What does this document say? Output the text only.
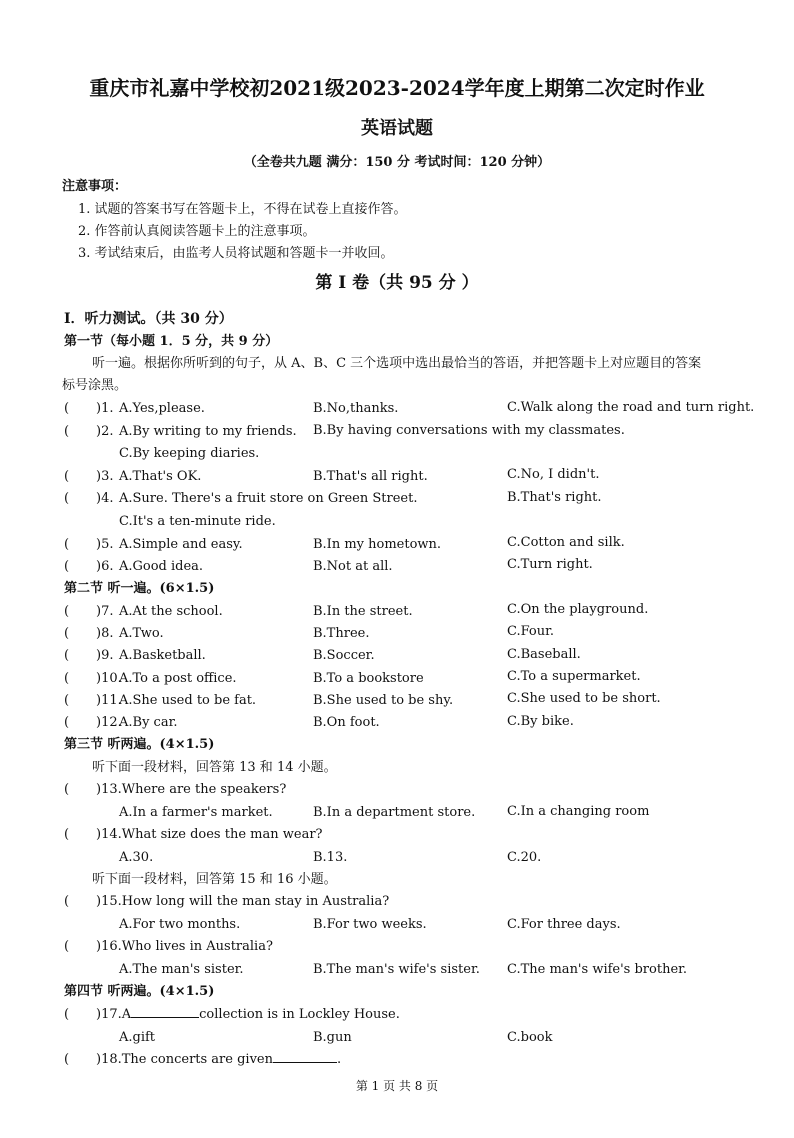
重庆市礼嘉中学校初2021级2023-2024学年度上期第二次定时作业
英语试题
（全卷共九题 满分：150 分 考试时间：120 分钟）
注意事项：
1. 试题的答案书写在答题卡上，不得在试卷上直接作答。
2. 作答前认真阅读答题卡上的注意事项。
3. 考试结束后，由监考人员将试题和答题卡一并收回。
第 I 卷（共 95 分 ）
I．听力测试。（共 30 分）
第一节（每小题 1．5 分，共 9 分）
听一遍。根据你所听到的句子，从 A、B、C 三个选项中选出最恰当的答语，并把答题卡上对应题目的答案
标号涂黑。
( )1. A.Yes,please.	B.No,thanks.	C.Walk along the road and turn right.
( )2. A.By writing to my friends. B.By having conversations with my classmates.
C.By keeping diaries.
( )3. A.That's OK.	B.That's all right.	C.No, I didn't.
( )4. A.Sure. There's a fruit store on Green Street.	B.That's right.
C.It's a ten-minute ride.
( )5. A.Simple and easy.	B.In my hometown.	C.Cotton and silk.
( )6. A.Good idea.	B.Not at all.	C.Turn right.
第二节 听一遍。(6×1.5)
( )7. A.At the school.	B.In the street.	C.On the playground.
( )8. A.Two.	B.Three.	C.Four.
( )9. A.Basketball.	B.Soccer.	C.Baseball.
( )10.
A.To a post office.	B.To a bookstore	C.To a supermarket.
( )11.
A.She used to be fat.	B.She used to be shy.	C.She used to be short.
( )12.
A.By car.	B.On foot.	C.By bike.
第三节 听两遍。(4×1.5)
听下面一段材料，回答第 13 和 14 小题。
( )13.Where are the speakers?
A.In a farmer's market.	B.In a department store. C.In a changing room
( )14.What size does the man wear?
A.30.	B.13.	C.20.
听下面一段材料，回答第 15 和 16 小题。
( )15.How long will the man stay in Australia?
A.For two months.	B.For two weeks.	C.For three days.
( )16.Who lives in Australia?
A.The man's sister.	B.The man's wife's sister. C.The man's wife's brother.
第四节 听两遍。(4×1.5)
( )17.A	collection is in Lockley House.
A.gift	B.gun	C.book
( )18.The concerts are given	.
第 1 页 共 8 页
